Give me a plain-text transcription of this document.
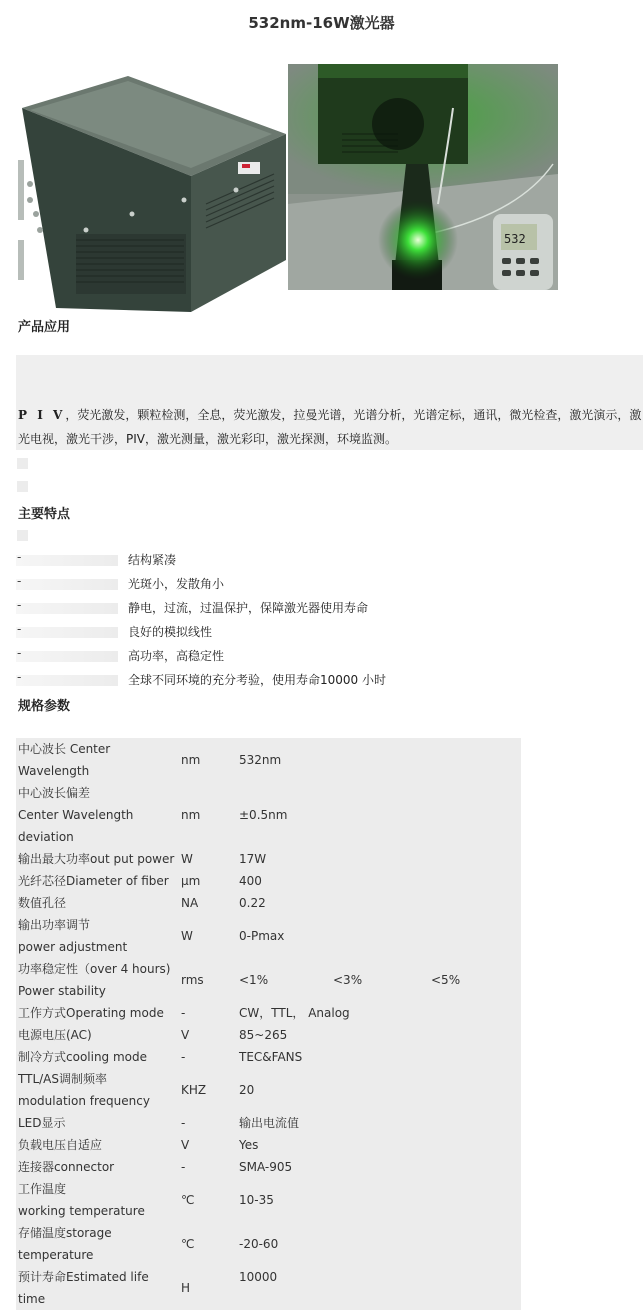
532nm-16W激光器
532
产品应用
P I V，荧光激发，颗粒检测，全息，荧光激发，拉曼光谱，光谱分析，光谱定标，通讯，微光检查，激光演示，激光电视，激光干涉，PIV，激光测量，激光彩印，激光探测，环境监测。
主要特点
-	结构紧凑
-	光斑小，发散角小
-	静电，过流，过温保护，保障激光器使用寿命
-	良好的模拟线性
-	高功率，高稳定性
-	全球不同环境的充分考验，使用寿命10000 小时
规格参数
中心波长 Center Wavelength	nm	532nm		
中心波长偏差
Center Wavelength deviation	nm	±0.5nm		
输出最大功率out put power	W	17W		
光纤芯径Diameter of fiber	μm	400		
数值孔径	NA	0.22		
输出功率调节
power adjustment	W	0-Pmax		
功率稳定性（over 4 hours)
Power stability	rms	<1%	<3%	<5%
工作方式Operating mode	-	CW，TTL， Analog		
电源电压(AC)	V	85~265		
制冷方式cooling mode	-	TEC&FANS		
TTL/AS调制频率
modulation frequency	KHZ	20		
LED显示	-	输出电流值		
负载电压自适应	V	Yes		
连接器connector	-	SMA-905		
工作温度
working temperature	℃	10-35		
存储温度storage temperature	℃	-20-60		
预计寿命Estimated life time	H	10000		
